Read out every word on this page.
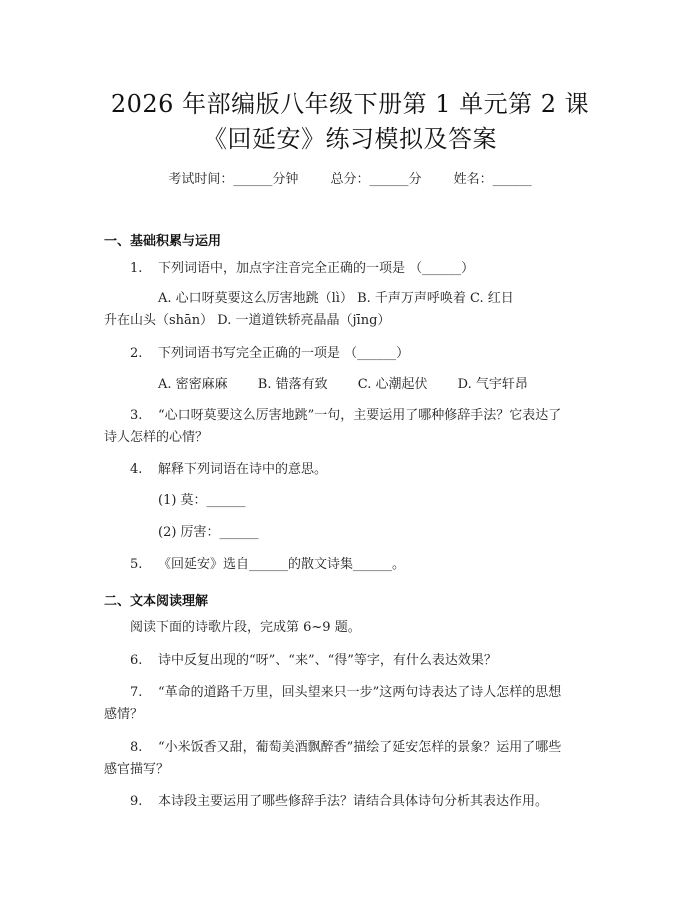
2026 年部编版八年级下册第 1 单元第 2 课
《回延安》练习模拟及答案
考试时间：______分钟 总分：______分 姓名：______
一、基础积累与运用
1. 下列词语中，加点字注音完全正确的一项是 （______）
A. 心口呀莫要这么厉害地跳（lì） B. 千声万声呼唤着 C. 红日
升在山头（shān） D. 一道道铁轿亮晶晶（jīng）
2. 下列词语书写完全正确的一项是 （______）
A. 密密麻麻 B. 错落有致 C. 心潮起伏 D. 气宇轩昂
3. “心口呀莫要这么厉害地跳”一句，主要运用了哪种修辞手法？它表达了
诗人怎样的心情？
4. 解释下列词语在诗中的意思。
(1) 莫：______
(2) 厉害：______
5. 《回延安》选自______的散文诗集______。
二、文本阅读理解
阅读下面的诗歌片段，完成第 6~9 题。
6. 诗中反复出现的“呀”、“来”、“得”等字，有什么表达效果？
7. “革命的道路千万里，回头望来只一步”这两句诗表达了诗人怎样的思想
感情？
8. “小米饭香又甜，葡萄美酒飘醉香”描绘了延安怎样的景象？运用了哪些
感官描写？
9. 本诗段主要运用了哪些修辞手法？请结合具体诗句分析其表达作用。
